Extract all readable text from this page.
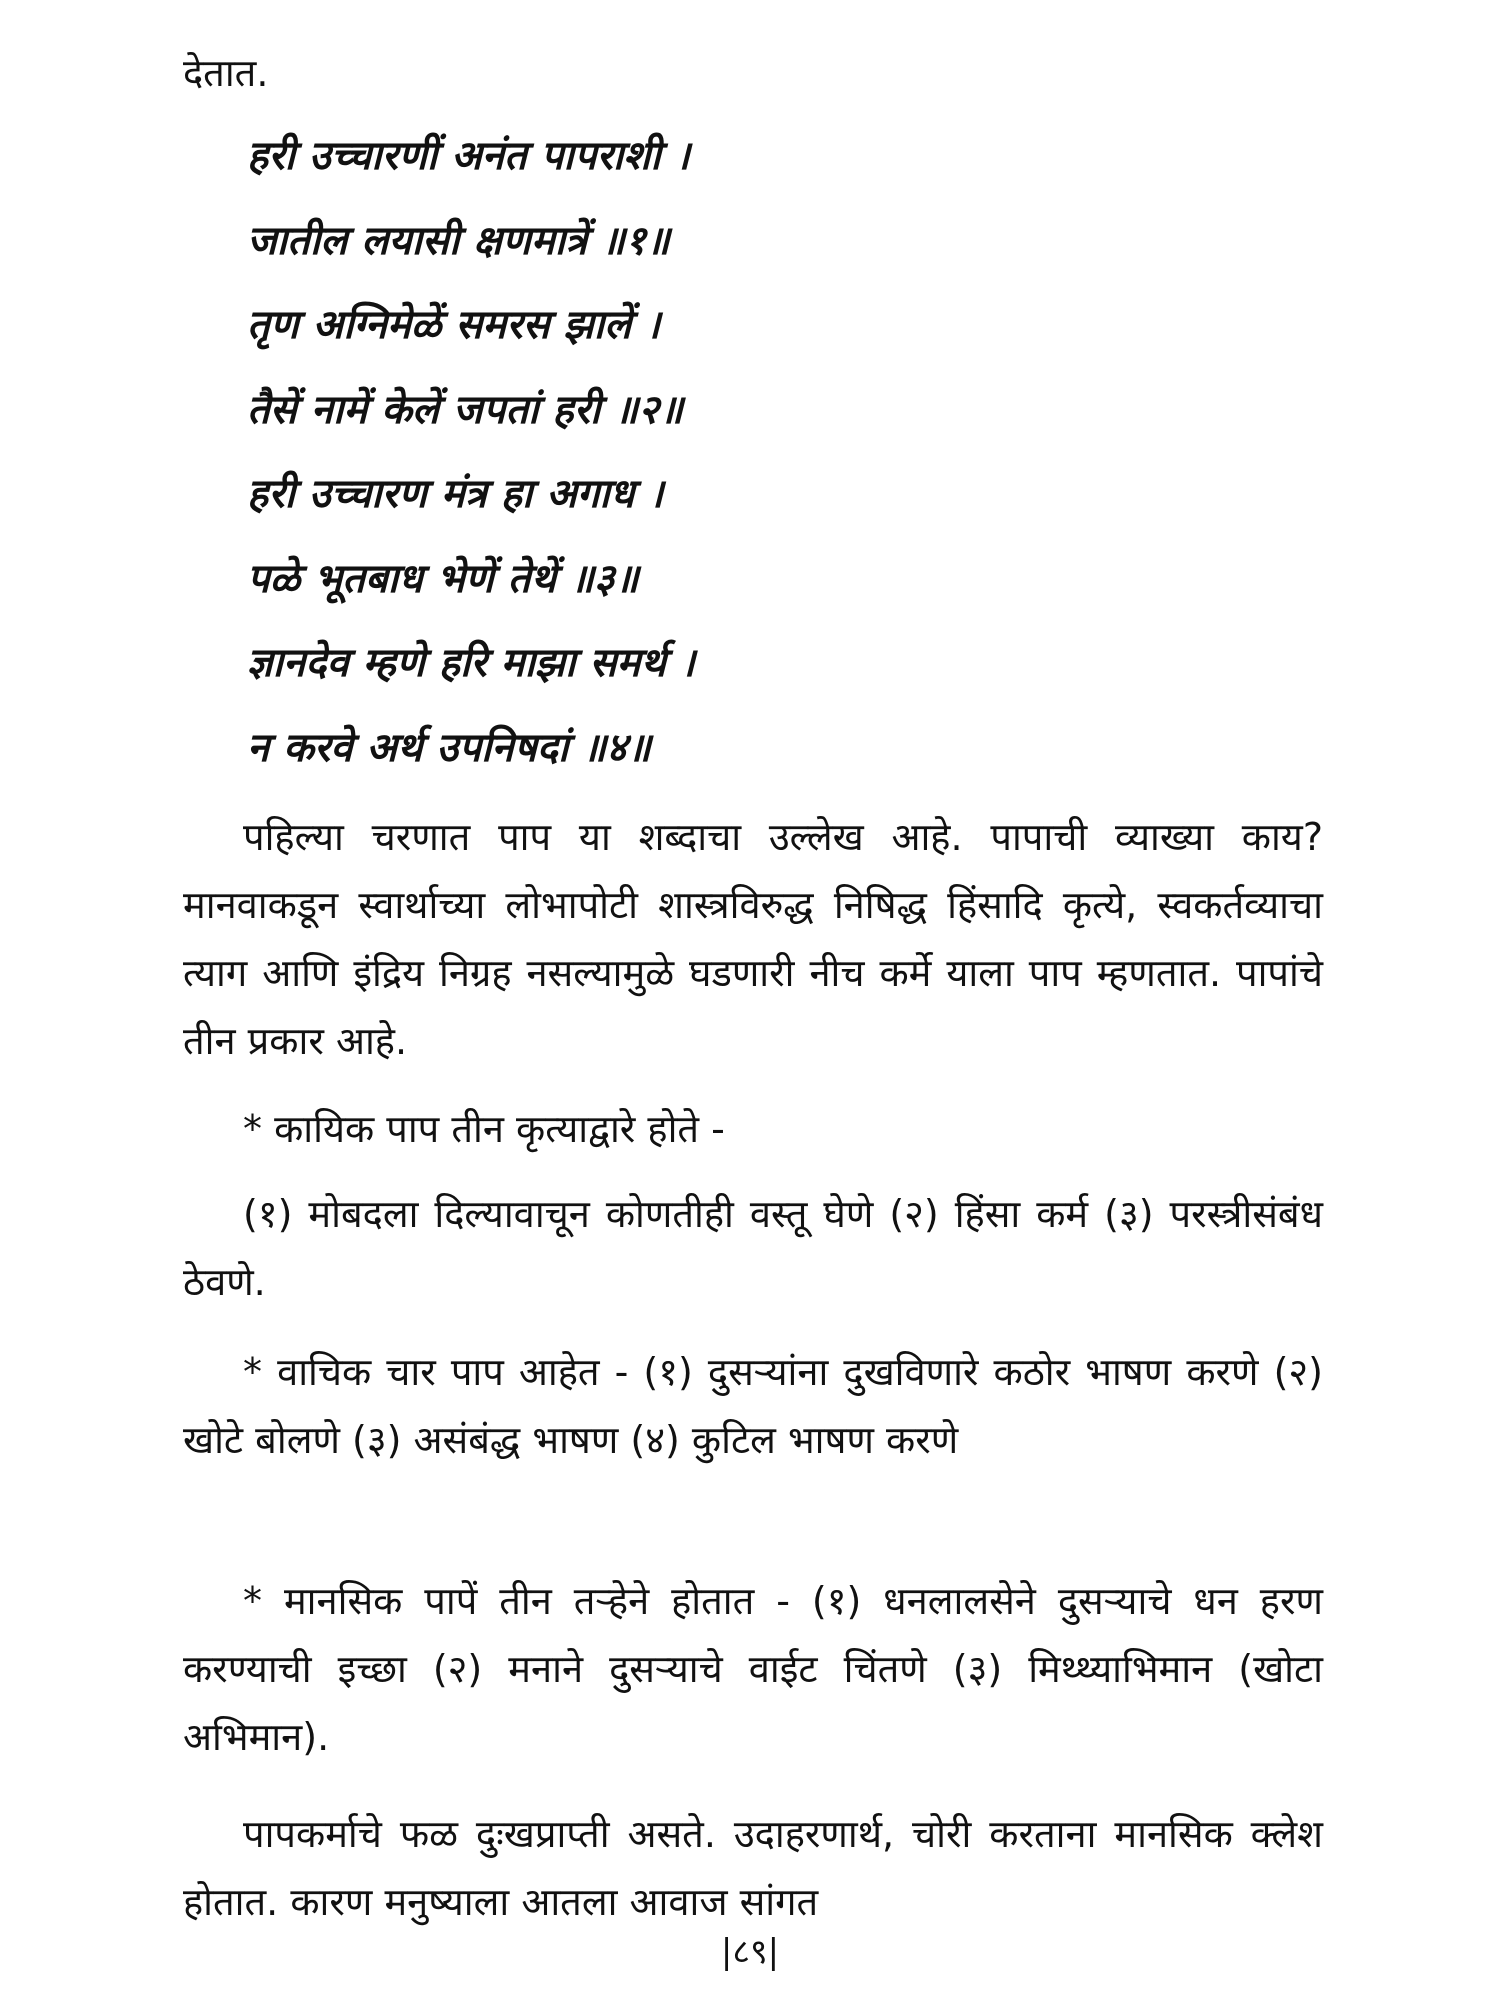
देतात.
हरी उच्चारणीं अनंत पापराशी ।
जातील लयासी क्षणमात्रें ॥१॥
तृण अग्निमेळें समरस झालें ।
तैसें नामें केलें जपतां हरी ॥२॥
हरी उच्चारण मंत्र हा अगाध ।
पळे भूतबाध भेणें तेथें ॥३॥
ज्ञानदेव म्हणे हरि माझा समर्थ ।
न करवे अर्थ उपनिषदां ॥४॥

पहिल्या चरणात पाप या शब्दाचा उल्लेख आहे. पापाची व्याख्या काय? मानवाकडून स्वार्थाच्या लोभापोटी शास्त्रविरुद्ध निषिद्ध हिंसादि कृत्ये, स्वकर्तव्याचा त्याग आणि इंद्रिय निग्रह नसल्यामुळे घडणारी नीच कर्मे याला पाप म्हणतात. पापांचे तीन प्रकार आहे.

* कायिक पाप तीन कृत्याद्वारे होते -

(१) मोबदला दिल्यावाचून कोणतीही वस्तू घेणे (२) हिंसा कर्म (३) परस्त्रीसंबंध ठेवणे.

* वाचिक चार पाप आहेत - (१) दुसऱ्यांना दुखविणारे कठोर भाषण करणे (२) खोटे बोलणे (३) असंबंद्ध भाषण (४) कुटिल भाषण करणे

* मानसिक पापें तीन तऱ्हेने होतात - (१) धनलालसेने दुसऱ्याचे धन हरण करण्याची इच्छा (२) मनाने दुसऱ्याचे वाईट चिंतणे (३) मिथ्थ्याभिमान (खोटा अभिमान).

पापकर्माचे फळ दुःखप्राप्ती असते. उदाहरणार्थ, चोरी करताना मानसिक क्लेश होतात. कारण मनुष्याला आतला आवाज सांगत

|८९|
